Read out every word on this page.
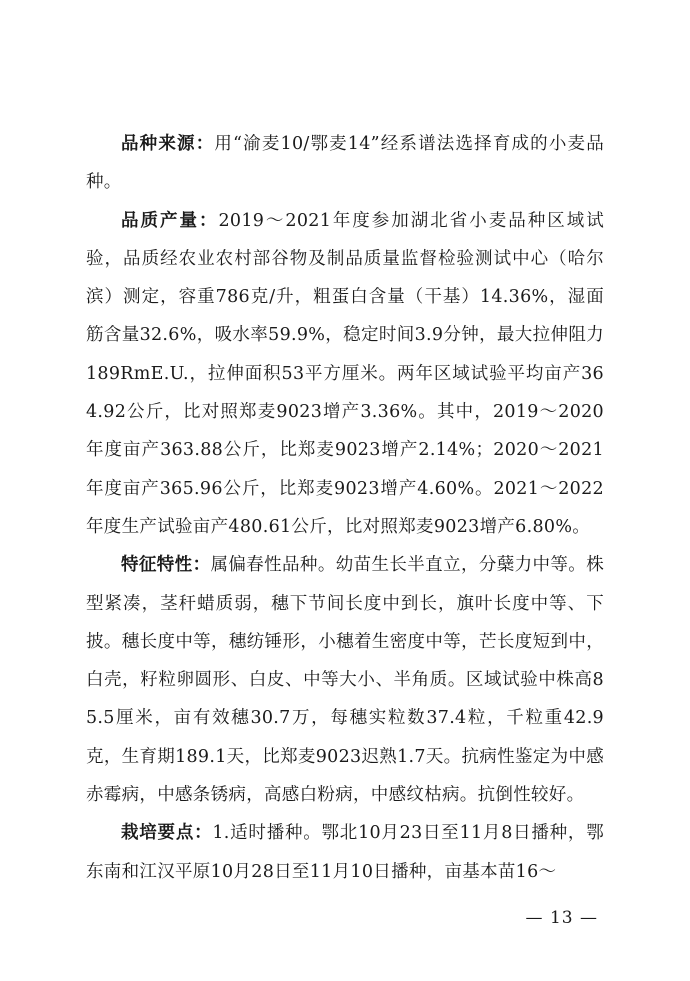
品种来源：用“渝麦10/鄂麦14”经系谱法选择育成的小麦品种。

品质产量：2019～2021年度参加湖北省小麦品种区域试验，品质经农业农村部谷物及制品质量监督检验测试中心（哈尔滨）测定，容重786克/升，粗蛋白含量（干基）14.36%，湿面筋含量32.6%，吸水率59.9%，稳定时间3.9分钟，最大拉伸阻力189RmE.U.，拉伸面积53平方厘米。两年区域试验平均亩产364.92公斤，比对照郑麦9023增产3.36%。其中，2019～2020年度亩产363.88公斤，比郑麦9023增产2.14%；2020～2021年度亩产365.96公斤，比郑麦9023增产4.60%。2021～2022年度生产试验亩产480.61公斤，比对照郑麦9023增产6.80%。

特征特性：属偏春性品种。幼苗生长半直立，分蘖力中等。株型紧凑，茎秆蜡质弱，穗下节间长度中到长，旗叶长度中等、下披。穗长度中等，穗纺锤形，小穗着生密度中等，芒长度短到中，白壳，籽粒卵圆形、白皮、中等大小、半角质。区域试验中株高85.5厘米，亩有效穗30.7万，每穗实粒数37.4粒，千粒重42.9克，生育期189.1天，比郑麦9023迟熟1.7天。抗病性鉴定为中感赤霉病，中感条锈病，高感白粉病，中感纹枯病。抗倒性较好。

栽培要点：1.适时播种。鄂北10月23日至11月8日播种，鄂东南和江汉平原10月28日至11月10日播种，亩基本苗16～

— 13 —
